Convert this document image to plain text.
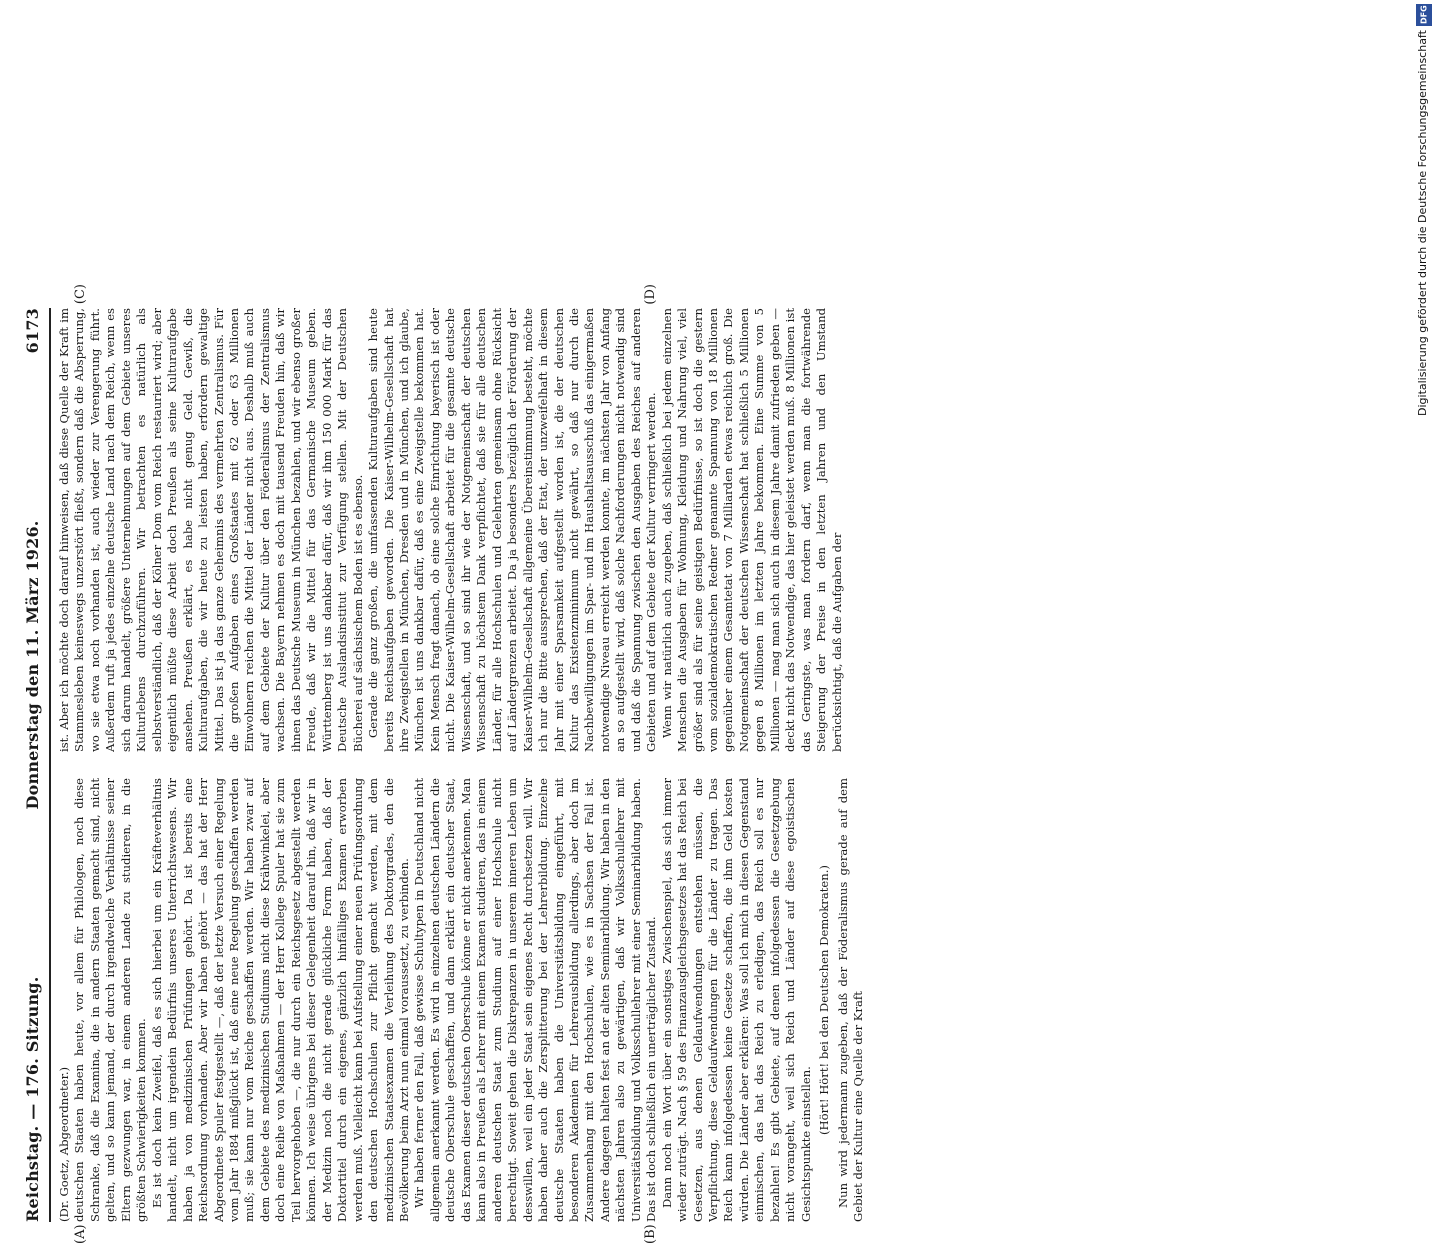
Reichstag. — 176. Sitzung.
Donnerstag den 11. März 1926.
6173

(Dr. Goetz, Abgeordneter.) deutschen Staaten haben heute, vor allem für Philologen, noch diese Schranke, daß die Examina, die in andern Staaten gemacht sind, nicht gelten, und so kann jemand, der durch irgendwelche Verhältnisse seiner Eltern gezwungen war, in einem anderen Lande zu studieren, in die größten Schwierigkeiten kommen. Es ist doch kein Zweifel, daß es sich hierbei um ein Kräfteverhältnis handelt, nicht um irgendein Bedürfnis unseres Unterrichtswesens. Wir haben ja von medizinischen Prüfungen gehört. Da ist bereits eine Reichsordnung vorhanden. Aber wir haben gehört — das hat der Herr Abgeordnete Spuler festgestellt —, daß der letzte Versuch einer Regelung vom Jahr 1884 mißglückt ist, daß eine neue Regelung geschaffen werden muß; sie kann nur vom Reiche geschaffen werden. Wir haben zwar auf dem Gebiete des medizinischen Studiums nicht diese Krähwinkelei, aber doch eine Reihe von Maßnahmen — der Herr Kollege Spuler hat sie zum Teil hervorgehoben —, die nur durch ein Reichsgesetz abgestellt werden können. Ich weise übrigens bei dieser Gelegenheit darauf hin, daß wir in der Medizin noch die nicht gerade glückliche Form haben, daß der Doktortitel durch ein eigenes, gänzlich hinfälliges Examen erworben werden muß. Vielleicht kann bei Aufstellung einer neuen Prüfungsordnung den deutschen Hochschulen zur Pflicht gemacht werden, mit dem medizinischen Staatsexamen die Verleihung des Doktorgrades, den die Bevölkerung beim Arzt nun einmal voraussetzt, zu verbinden. Wir haben ferner den Fall, daß gewisse Schultypen in Deutschland nicht allgemein anerkannt werden. Es wird in einzelnen deutschen Ländern die deutsche Oberschule geschaffen, und dann erklärt ein deutscher Staat, das Examen dieser deutschen Oberschule könne er nicht anerkennen. Man kann also in Preußen als Lehrer mit einem Examen studieren, das in einem anderen deutschen Staat zum Studium auf einer Hochschule nicht berechtigt. Soweit gehen die Diskrepanzen in unserem inneren Leben um desswillen, weil ein jeder Staat sein eigenes Recht durchsetzen will. Wir haben daher auch die Zersplitterung bei der Lehrerbildung. Einzelne deutsche Staaten haben die Universitätsbildung eingeführt, mit besonderen Akademien für Lehrerausbildung allerdings, aber doch im Zusammenhang mit den Hochschulen, wie es in Sachsen der Fall ist. Andere dagegen halten fest an der alten Seminarbildung. Wir haben in den nächsten Jahren also zu gewärtigen, daß wir Volksschullehrer mit Universitätsbildung und Volksschullehrer mit einer Seminarbildung haben. Das ist doch schließlich ein unerträglicher Zustand. Dann noch ein Wort über ein sonstiges Zwischenspiel, das sich immer wieder zuträgt. Nach § 59 des Finanzausgleichsgesetzes hat das Reich bei Gesetzen, aus denen Geldaufwendungen entstehen müssen, die Verpflichtung, diese Geldaufwendungen für die Länder zu tragen. Das Reich kann infolgedessen keine Gesetze schaffen, die ihm Geld kosten würden. Die Länder aber erklären: Was soll ich mich in diesen Gegenstand einmischen, das hat das Reich zu erledigen, das Reich soll es nur bezahlen! Es gibt Gebiete, auf denen infolgedessen die Gesetzgebung nicht vorangeht, weil sich Reich und Länder auf diese egoistischen Gesichtspunkte einstellen.

(Hört! Hört! bei den Deutschen Demokraten.) Nun wird jedermann zugeben, daß der Föderalismus gerade auf dem Gebiet der Kultur eine Quelle der Kraft

ist. Aber ich möchte doch darauf hinweisen, daß diese Quelle der Kraft im Stammesleben keineswegs unzerstört fließt, sondern daß die Absperrung, wo sie etwa noch vorhanden ist, auch wieder zur Verengerung führt. Außerdem ruft ja jedes einzelne deutsche Land nach dem Reich, wenn es sich darum handelt, größere Unternehmungen auf dem Gebiete unseres Kulturlebens durchzuführen. Wir betrachten es natürlich als selbstverständlich, daß der Kölner Dom vom Reich restauriert wird; aber eigentlich müßte diese Arbeit doch Preußen als seine Kulturaufgabe ansehen. Preußen erklärt, es habe nicht genug Geld. Gewiß, die Kulturaufgaben, die wir heute zu leisten haben, erfordern gewaltige Mittel. Das ist ja das ganze Geheimnis des vermehrten Zentralismus. Für die großen Aufgaben eines Großstaates mit 62 oder 63 Millionen Einwohnern reichen die Mittel der Länder nicht aus. Deshalb muß auch auf dem Gebiete der Kultur über den Föderalismus der Zentralismus wachsen. Die Bayern nehmen es doch mit tausend Freuden hin, daß wir ihnen das Deutsche Museum in München bezahlen, und wir ebenso großer Freude, daß wir die Mittel für das Germanische Museum geben. Württemberg ist uns dankbar dafür, daß wir ihm 150 000 Mark für das Deutsche Auslandsinstitut zur Verfügung stellen. Mit der Deutschen Bücherei auf sächsischem Boden ist es ebenso. Gerade die ganz großen, die umfassenden Kulturaufgaben sind heute bereits Reichsaufgaben geworden. Die Kaiser-Wilhelm-Gesellschaft hat ihre Zweigstellen in München, Dresden und in München, und ich glaube, München ist uns dankbar dafür, daß es eine Zweigstelle bekommen hat. Kein Mensch fragt danach, ob eine solche Einrichtung bayerisch ist oder nicht. Die Kaiser-Wilhelm-Gesellschaft arbeitet für die gesamte deutsche Wissenschaft, und so sind ihr wie der Notgemeinschaft der deutschen Wissenschaft zu höchstem Dank verpflichtet, daß sie für alle deutschen Länder, für alle Hochschulen und Gelehrten gemeinsam ohne Rücksicht auf Ländergrenzen arbeitet. Da ja besonders bezüglich der Förderung der Kaiser-Wilhelm-Gesellschaft allgemeine Übereinstimmung besteht, möchte ich nur die Bitte aussprechen, daß der Etat, der unzweifelhaft in diesem Jahr mit einer Sparsamkeit aufgestellt worden ist, die der deutschen Kultur das Existenzminimum nicht gewährt, so daß nur durch die Nachbewilligungen im Spar- und im Haushaltsausschuß das einigermaßen notwendige Niveau erreicht werden konnte, im nächsten Jahr von Anfang an so aufgestellt wird, daß solche Nachforderungen nicht notwendig sind und daß die Spannung zwischen den Ausgaben des Reiches auf anderen Gebieten und auf dem Gebiete der Kultur verringert werden. Wenn wir natürlich auch zugeben, daß schließlich bei jedem einzelnen Menschen die Ausgaben für Wohnung, Kleidung und Nahrung viel, viel größer sind als für seine geistigen Bedürfnisse, so ist doch die gestern vom sozialdemokratischen Redner genannte Spannung von 18 Millionen gegenüber einem Gesamtetat von 7 Milliarden etwas reichlich groß. Die Notgemeinschaft der deutschen Wissenschaft hat schließlich 5 Millionen gegen 8 Millionen im letzten Jahre bekommen. Eine Summe von 5 Millionen — mag man sich auch in diesem Jahre damit zufrieden geben — deckt nicht das Notwendige, das hier geleistet werden muß. 8 Millionen ist das Geringste, was man fordern darf, wenn man die fortwährende Steigerung der Preise in den letzten Jahren und den Umstand berücksichtigt, daß die Aufgaben der

(A)	(B)
(C)	(D)
DFG
Digitalisierung gefördert durch die Deutsche Forschungsgemeinschaft
